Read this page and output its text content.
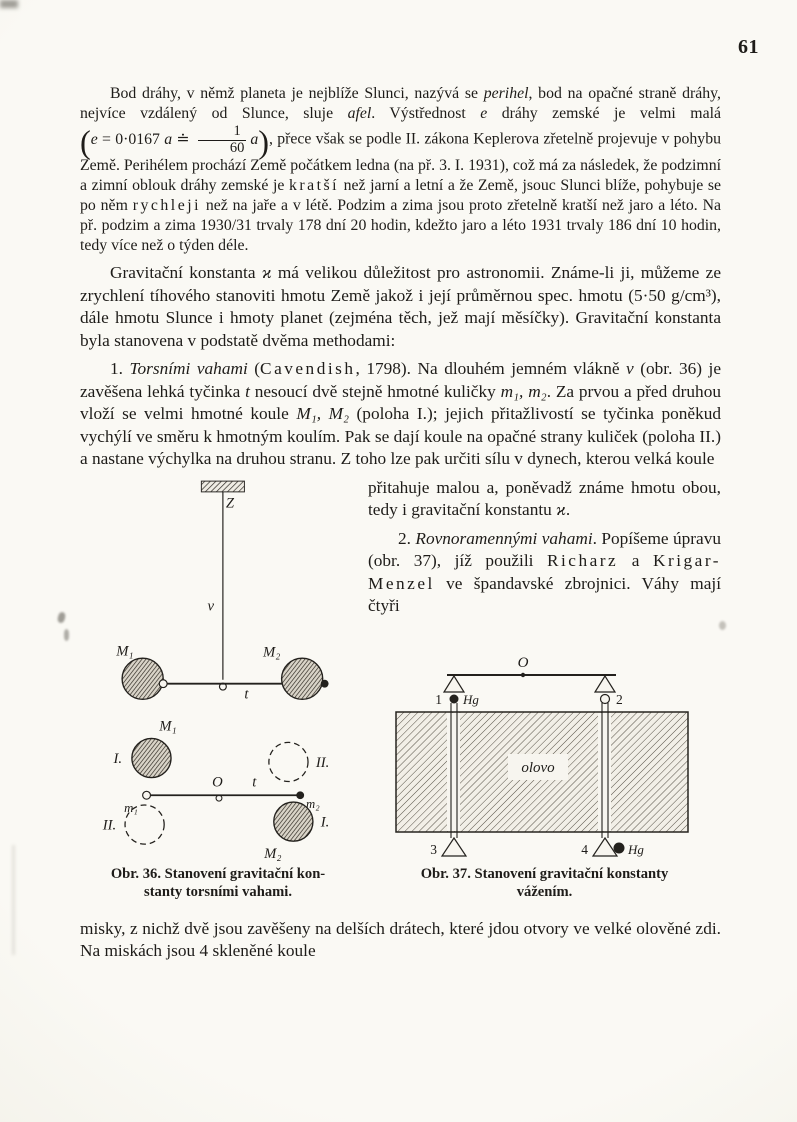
61

Bod dráhy, v němž planeta je nejblíže Slunci, nazývá se perihel, bod na opačné straně dráhy, nejvíce vzdálený od Slunce, sluje afel. Výstřednost e dráhy zemské je velmi malá (e = 0·0167 a ≐ $\frac{1}{60} a$), přece však se podle II. zákona Keplerova zřetelně projevuje v pohybu Země. Perihélem prochází Země počátkem ledna (na př. 3. I. 1931), což má za následek, že podzimní a zimní oblouk dráhy zemské je kratší než jarní a letní a že Země, jsouc Slunci blíže, pohybuje se po něm rychleji než na jaře a v létě. Podzim a zima jsou proto zřetelně kratší než jaro a léto. Na př. podzim a zima 1930/31 trvaly 178 dní 20 hodin, kdežto jaro a léto 1931 trvaly 186 dní 10 hodin, tedy více než o týden déle.

Gravitační konstanta ϰ má velikou důležitost pro astronomii. Známe-li ji, můžeme ze zrychlení tíhového stanoviti hmotu Země jakož i její průměrnou spec. hmotu (5·50 g/cm³), dále hmotu Slunce i hmoty planet (zejména těch, jež mají měsíčky). Gravitační konstanta byla stanovena v podstatě dvěma methodami:

1. Torsními vahami (Cavendish, 1798). Na dlouhém jemném vlákně v (obr. 36) je zavěšena lehká tyčinka t nesoucí dvě stejně hmotné kuličky m₁, m₂. Za prvou a před druhou vloží se velmi hmotné koule M₁, M₂ (poloha I.); jejich přitažlivostí se tyčinka poněkud vychýlí ve směru k hmotným koulím. Pak se dají koule na opačné strany kuliček (poloha II.) a nastane výchylka na druhou stranu. Z toho lze pak určiti sílu v dynech, kterou velká koule

Z
v
t
M₁	M₂
M₁
I.	II.
m₁
O t
m₂
II.	I.
M₂
Obr. 36. Stanovení gravitační kon-
stanty torsními vahami.

přitahuje malou a, poněvadž známe hmotu obou, tedy i gravitační konstantu ϰ.

2. Rovnoramennými vahami. Popíšeme úpravu (obr. 37), jíž použili Richarz a Krigar-Menzel ve špandavské zbrojnici. Váhy mají čtyři

olovo
O
1 Hg	2
3	4	Hg
Obr. 37. Stanovení gravitační konstanty
vážením.

misky, z nichž dvě jsou zavěšeny na delších drátech, které jdou otvory ve velké olověné zdi. Na miskách jsou 4 skleněné koule
